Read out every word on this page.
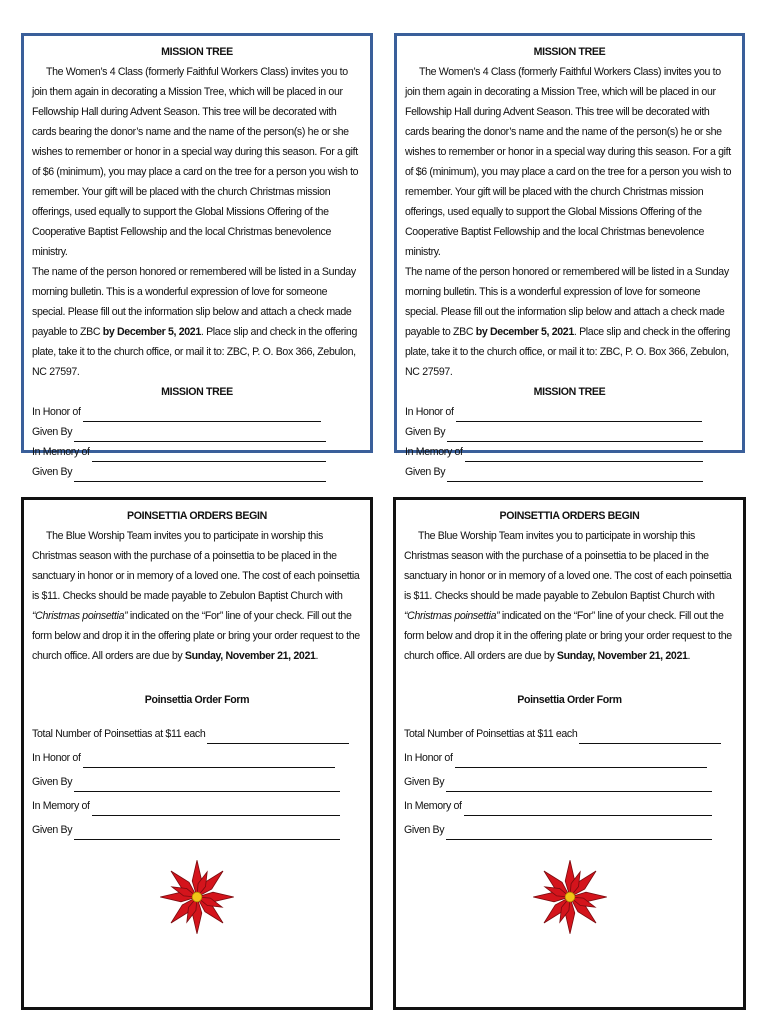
MISSION TREE

The Women’s 4 Class (formerly Faithful Workers Class) invites you to join them again in decorating a Mission Tree, which will be placed in our Fellowship Hall during Advent Season. This tree will be decorated with cards bearing the donor’s name and the name of the person(s) he or she wishes to remember or honor in a special way during this season. For a gift of $6 (minimum), you may place a card on the tree for a person you wish to remember. Your gift will be placed with the church Christmas mission offerings, used equally to support the Global Missions Offering of the Cooperative Baptist Fellowship and the local Christmas benevolence ministry.

The name of the person honored or remembered will be listed in a Sunday morning bulletin. This is a wonderful expression of love for someone special. Please fill out the information slip below and attach a check made payable to ZBC by December 5, 2021. Place slip and check in the offering plate, take it to the church office, or mail it to: ZBC, P. O. Box 366, Zebulon, NC 27597.

MISSION TREE

In Honor of
Given By
In Memory of
Given By

MISSION TREE

The Women’s 4 Class (formerly Faithful Workers Class) invites you to join them again in decorating a Mission Tree, which will be placed in our Fellowship Hall during Advent Season. This tree will be decorated with cards bearing the donor’s name and the name of the person(s) he or she wishes to remember or honor in a special way during this season. For a gift of $6 (minimum), you may place a card on the tree for a person you wish to remember. Your gift will be placed with the church Christmas mission offerings, used equally to support the Global Missions Offering of the Cooperative Baptist Fellowship and the local Christmas benevolence ministry.

The name of the person honored or remembered will be listed in a Sunday morning bulletin. This is a wonderful expression of love for someone special. Please fill out the information slip below and attach a check made payable to ZBC by December 5, 2021. Place slip and check in the offering plate, take it to the church office, or mail it to: ZBC, P. O. Box 366, Zebulon, NC 27597.

MISSION TREE

In Honor of
Given By
In Memory of
Given By

POINSETTIA ORDERS BEGIN

The Blue Worship Team invites you to participate in worship this Christmas season with the purchase of a poinsettia to be placed in the sanctuary in honor or in memory of a loved one. The cost of each poinsettia is $11. Checks should be made payable to Zebulon Baptist Church with “Christmas poinsettia” indicated on the “For” line of your check. Fill out the form below and drop it in the offering plate or bring your order request to the church office. All orders are due by Sunday, November 21, 2021.

Poinsettia Order Form

Total Number of Poinsettias at $11 each
In Honor of
Given By
In Memory of
Given By

POINSETTIA ORDERS BEGIN

The Blue Worship Team invites you to participate in worship this Christmas season with the purchase of a poinsettia to be placed in the sanctuary in honor or in memory of a loved one. The cost of each poinsettia is $11. Checks should be made payable to Zebulon Baptist Church with “Christmas poinsettia” indicated on the “For” line of your check. Fill out the form below and drop it in the offering plate or bring your order request to the church office. All orders are due by Sunday, November 21, 2021.

Poinsettia Order Form

Total Number of Poinsettias at $11 each
In Honor of
Given By
In Memory of
Given By
